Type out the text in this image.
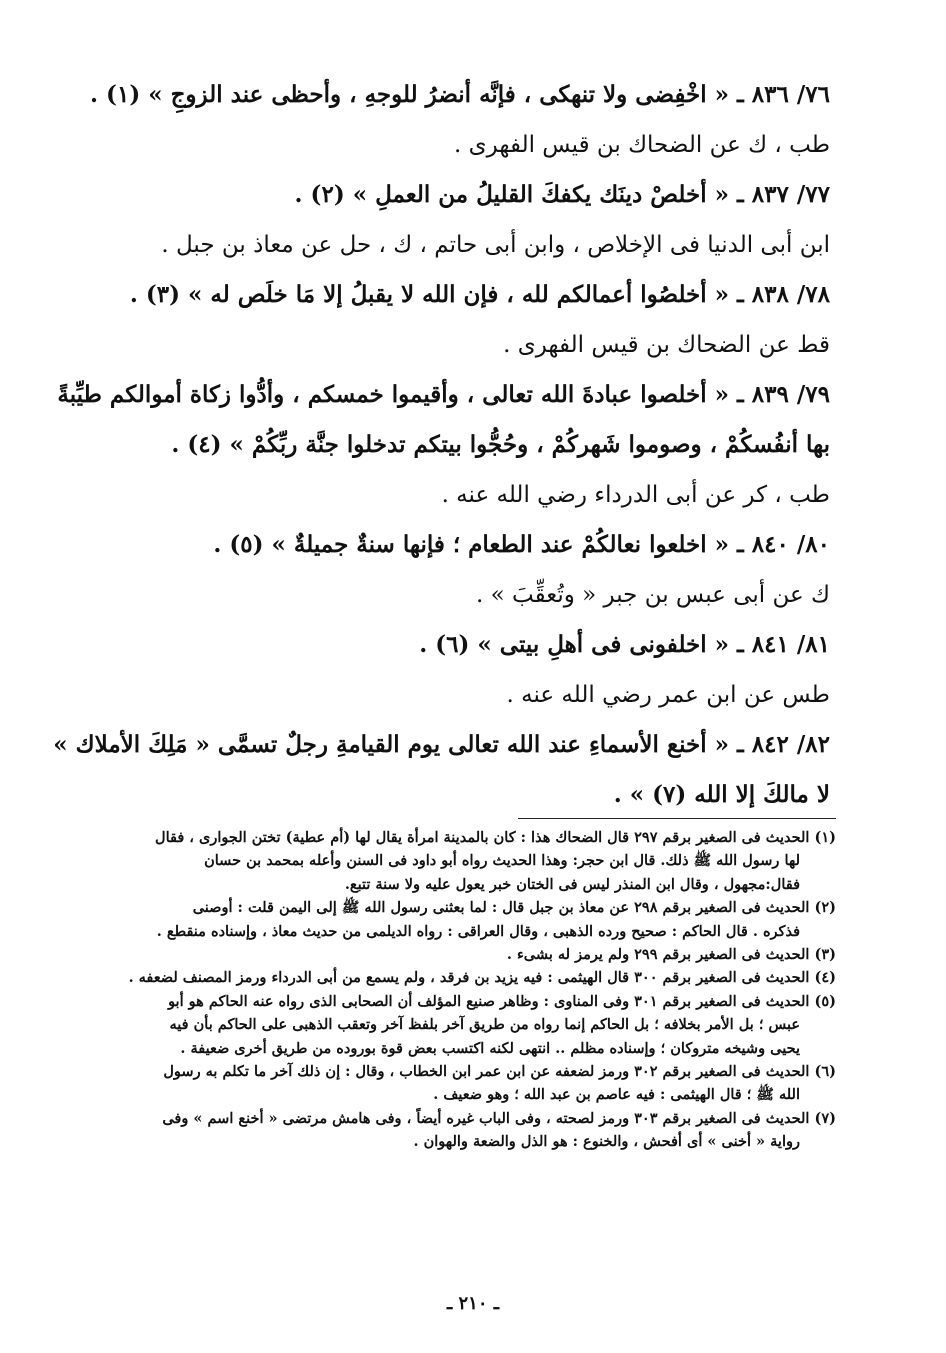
٧٦/ ٨٣٦ ـ « اخْفِضى ولا تنهكى ، فإنَّه أنضرُ للوجهِ ، وأحظى عند الزوجِ » (١) .
طب ، ك عن الضحاك بن قيس الفهرى .
٧٧/ ٨٣٧ ـ « أخلصْ دينَك يكفكَ القليلُ من العملِ » (٢) .
ابن أبى الدنيا فى الإخلاص ، وابن أبى حاتم ، ك ، حل عن معاذ بن جبل .
٧٨/ ٨٣٨ ـ « أخلصُوا أعمالكم لله ، فإن الله لا يقبلُ إلا مَا خلَص له » (٣) .
قط عن الضحاك بن قيس الفهرى .
٧٩/ ٨٣٩ ـ « أخلصوا عبادةَ الله تعالى ، وأقيموا خمسكم ، وأدُّوا زكاة أموالكم طيِّبةً
بها أنفُسكُمْ ، وصوموا شَهركُمْ ، وحُجُّوا بيتكم تدخلوا جنَّة ربِّكُمْ » (٤) .
طب ، كر عن أبى الدرداء رضي الله عنه .
٨٠/ ٨٤٠ ـ « اخلعوا نعالكُمْ عند الطعام ؛ فإنها سنةٌ جميلةٌ » (٥) .
ك عن أبى عبس بن جبر « وتُعقِّبَ » .
٨١/ ٨٤١ ـ « اخلفونى فى أهلِ بيتى » (٦) .
طس عن ابن عمر رضي الله عنه .
٨٢/ ٨٤٢ ـ « أخنع الأسماءِ عند الله تعالى يوم القيامةِ رجلٌ تسمَّى « مَلِكَ الأملاك »
لا مالكَ إلا الله (٧) » .
(١) الحديث فى الصغير برقم ٢٩٧ قال الضحاك هذا : كان بالمدينة امرأة يقال لها (أم عطية) تختن الجوارى ، فقال
لها رسول الله ﷺ ذلك. قال ابن حجر: وهذا الحديث رواه أبو داود فى السنن وأعله بمحمد بن حسان
فقال:مجهول ، وقال ابن المنذر ليس فى الختان خبر يعول عليه ولا سنة تتبع.
(٢) الحديث فى الصغير برقم ٢٩٨ عن معاذ بن جبل قال : لما بعثنى رسول الله ﷺ إلى اليمن قلت : أوصنى
فذكره . قال الحاكم : صحيح ورده الذهبى ، وقال العراقى : رواه الديلمى من حديث معاذ ، وإسناده منقطع .
(٣) الحديث فى الصغير برقم ٢٩٩ ولم يرمز له بشىء .
(٤) الحديث فى الصغير برقم ٣٠٠ قال الهيثمى : فيه يزيد بن فرقد ، ولم يسمع من أبى الدرداء ورمز المصنف لضعفه .
(٥) الحديث فى الصغير برقم ٣٠١ وفى المناوى : وظاهر صنيع المؤلف أن الصحابى الذى رواه عنه الحاكم هو أبو
عبس ؛ بل الأمر بخلافه ؛ بل الحاكم إنما رواه من طريق آخر بلفظ آخر وتعقب الذهبى على الحاكم بأن فيه
يحيى وشيخه متروكان ؛ وإسناده مظلم .. انتهى لكنه اكتسب بعض قوة بوروده من طريق أخرى ضعيفة .
(٦) الحديث فى الصغير برقم ٣٠٢ ورمز لضعفه عن ابن عمر ابن الخطاب ، وقال : إن ذلك آخر ما تكلم به رسول
الله ﷺ ؛ قال الهيثمى : فيه عاصم بن عبد الله ؛ وهو ضعيف .
(٧) الحديث فى الصغير برقم ٣٠٣ ورمز لصحته ، وفى الباب غيره أيضاً ، وفى هامش مرتضى « أخنع اسم » وفى
رواية « أخنى » أى أفحش ، والخنوع : هو الذل والضعة والهوان .
ـ ٢١٠ ـ
